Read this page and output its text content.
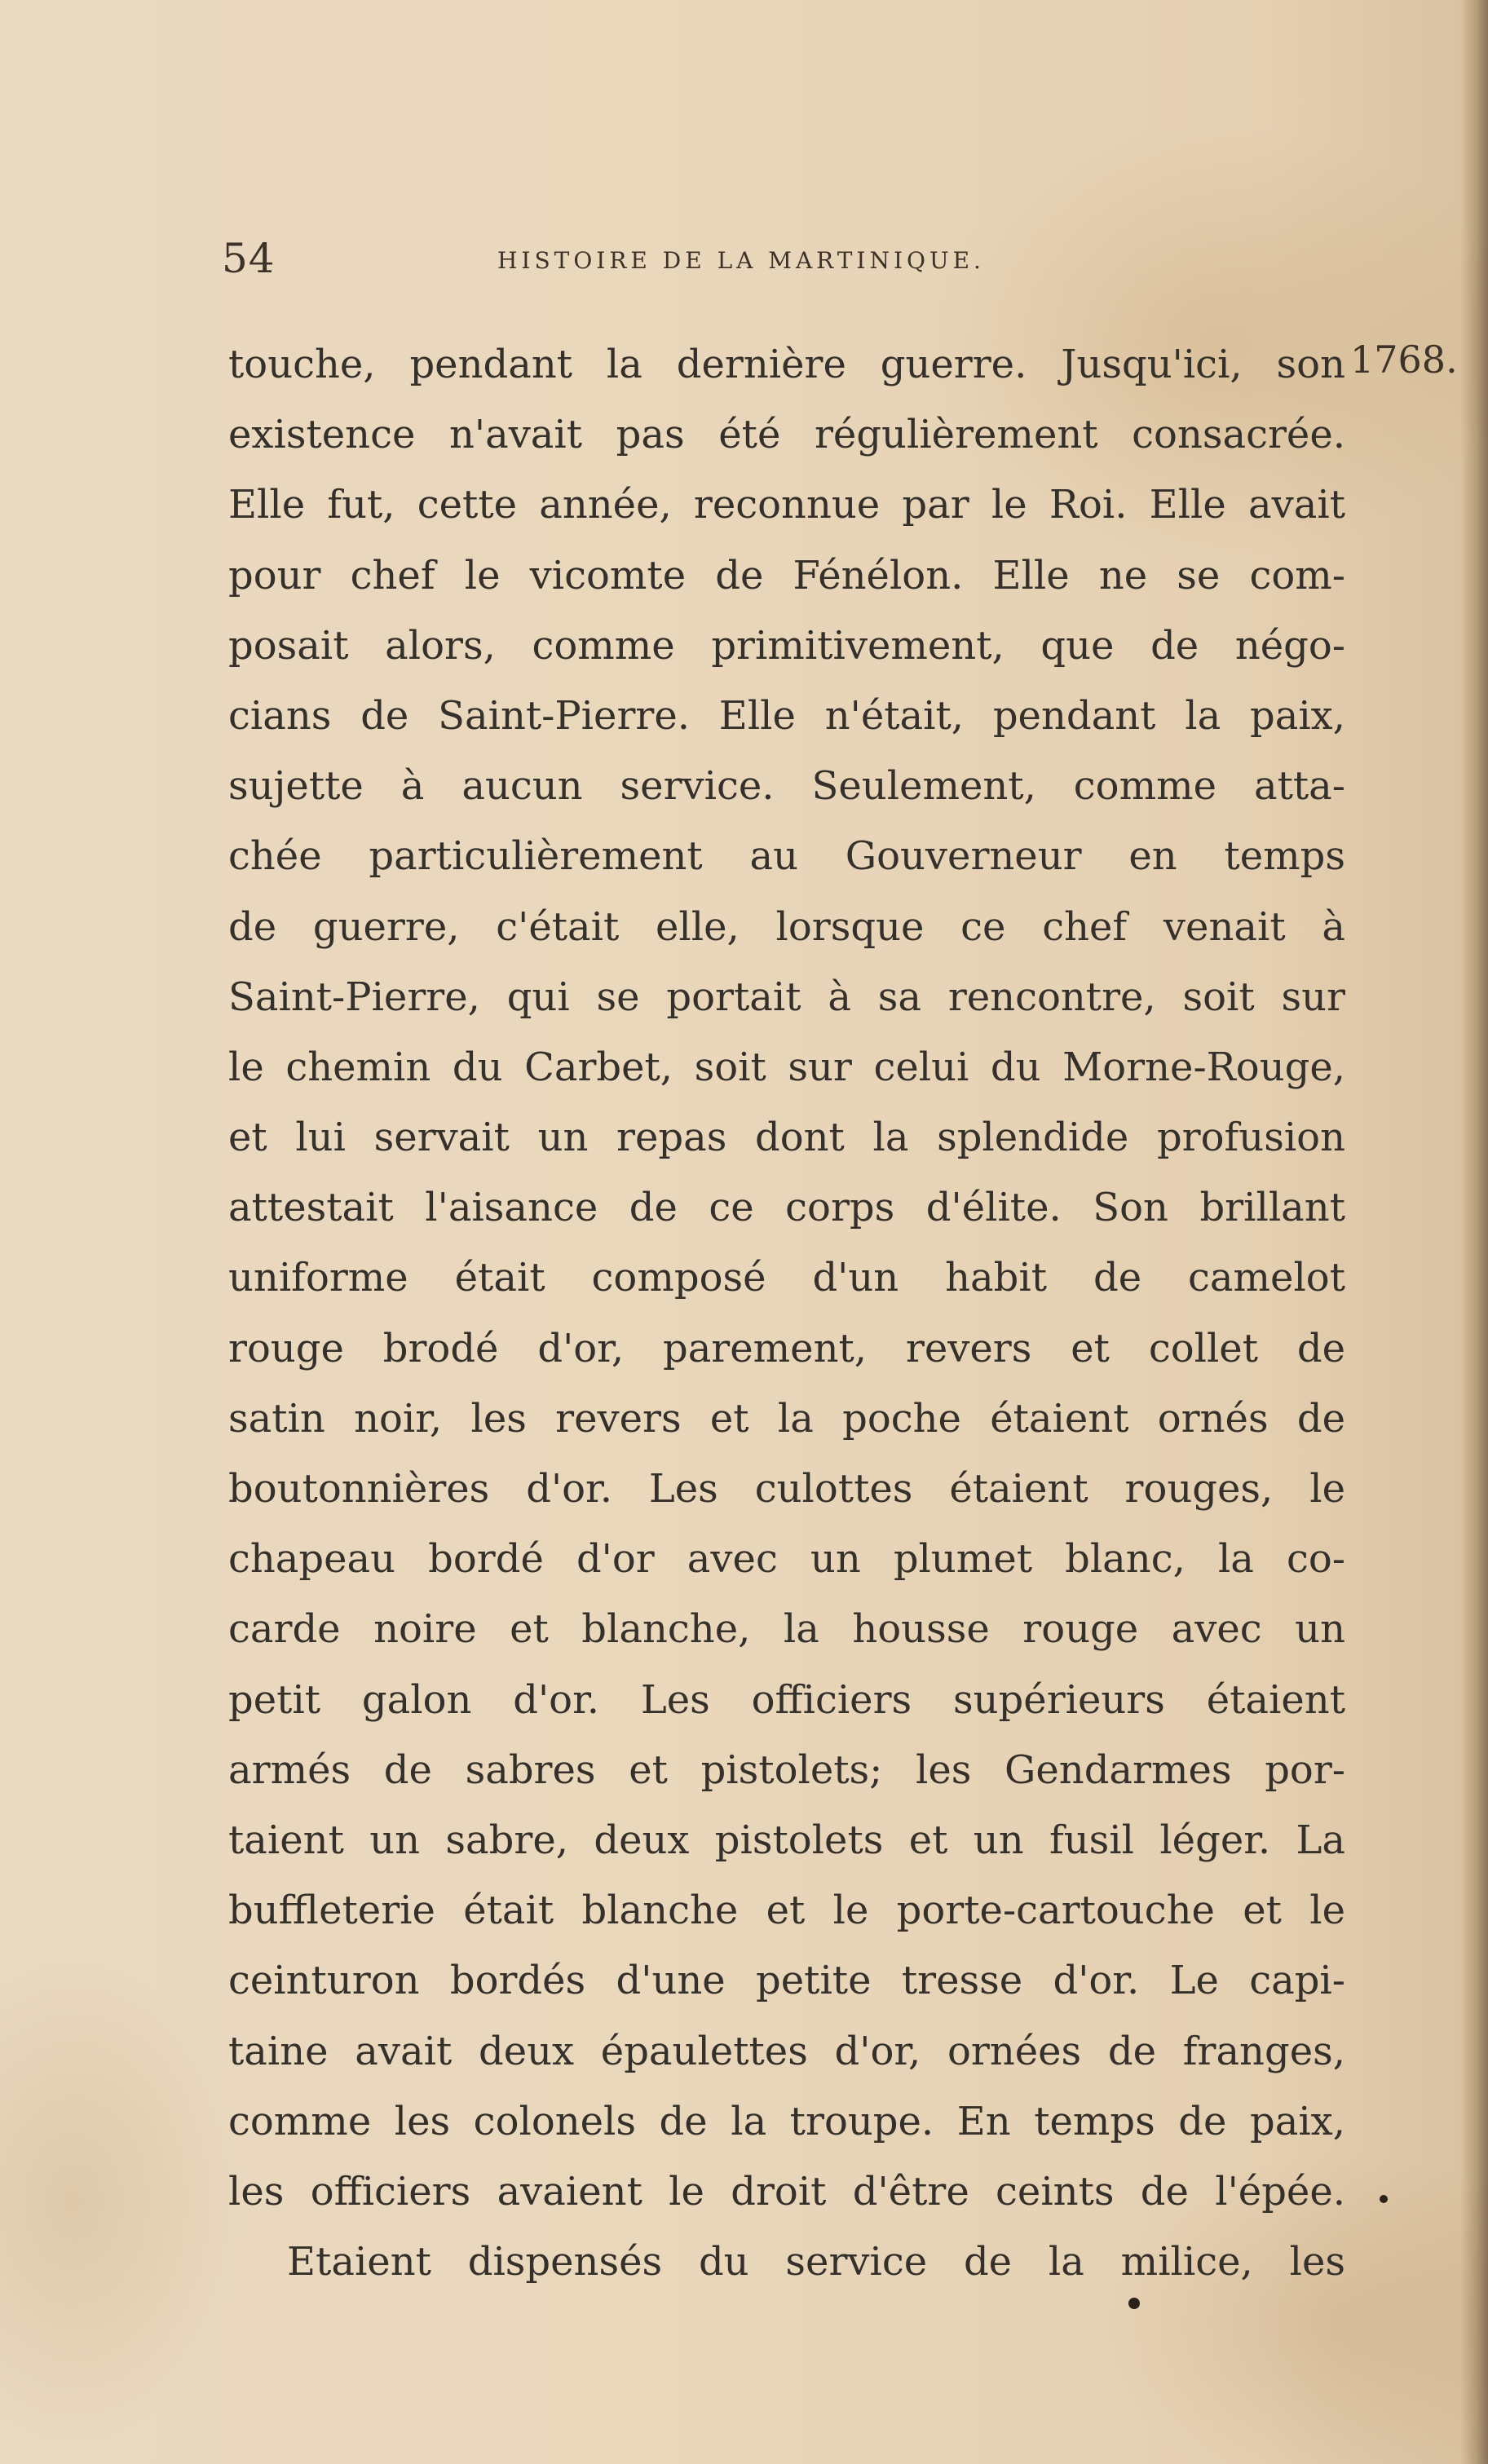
54	HISTOIRE DE LA MARTINIQUE.
1768.
touche, pendant la dernière guerre. Jusqu'ici, son
existence n'avait pas été régulièrement consacrée.
Elle fut, cette année, reconnue par le Roi. Elle avait
pour chef le vicomte de Fénélon. Elle ne se com-
posait alors, comme primitivement, que de négo-
cians de Saint-Pierre. Elle n'était, pendant la paix,
sujette à aucun service. Seulement, comme atta-
chée particulièrement au Gouverneur en temps
de guerre, c'était elle, lorsque ce chef venait à
Saint-Pierre, qui se portait à sa rencontre, soit sur
le chemin du Carbet, soit sur celui du Morne-Rouge,
et lui servait un repas dont la splendide profusion
attestait l'aisance de ce corps d'élite. Son brillant
uniforme était composé d'un habit de camelot
rouge brodé d'or, parement, revers et collet de
satin noir, les revers et la poche étaient ornés de
boutonnières d'or. Les culottes étaient rouges, le
chapeau bordé d'or avec un plumet blanc, la co-
carde noire et blanche, la housse rouge avec un
petit galon d'or. Les officiers supérieurs étaient
armés de sabres et pistolets; les Gendarmes por-
taient un sabre, deux pistolets et un fusil léger. La
buffleterie était blanche et le porte-cartouche et le
ceinturon bordés d'une petite tresse d'or. Le capi-
taine avait deux épaulettes d'or, ornées de franges,
comme les colonels de la troupe. En temps de paix,
les officiers avaient le droit d'être ceints de l'épée.
Etaient dispensés du service de la milice, les
